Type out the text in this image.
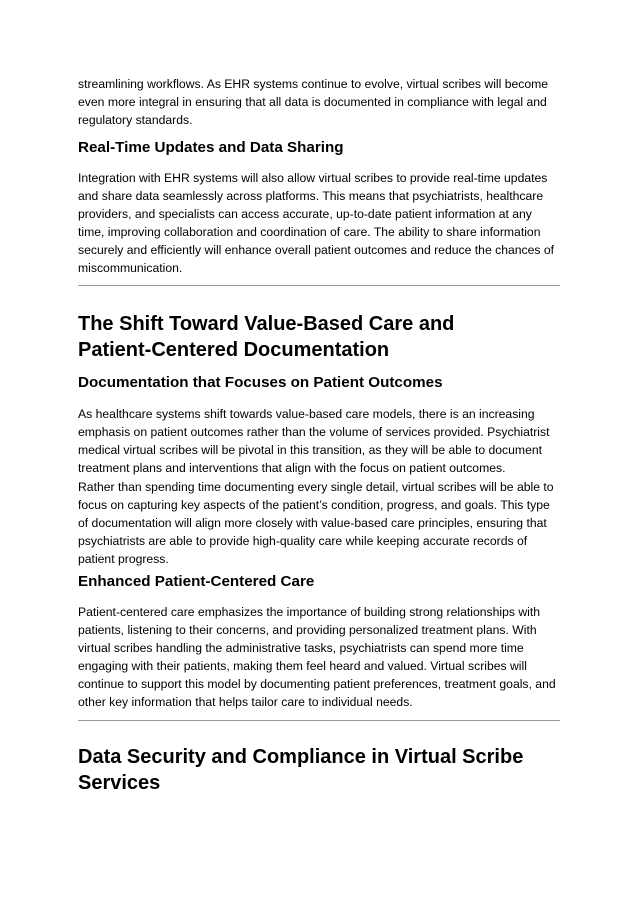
streamlining workflows. As EHR systems continue to evolve, virtual scribes will become even more integral in ensuring that all data is documented in compliance with legal and regulatory standards.

Real-Time Updates and Data Sharing

Integration with EHR systems will also allow virtual scribes to provide real-time updates and share data seamlessly across platforms. This means that psychiatrists, healthcare providers, and specialists can access accurate, up-to-date patient information at any time, improving collaboration and coordination of care. The ability to share information securely and efficiently will enhance overall patient outcomes and reduce the chances of miscommunication.

The Shift Toward Value-Based Care and
Patient-Centered Documentation
Documentation that Focuses on Patient Outcomes

As healthcare systems shift towards value-based care models, there is an increasing emphasis on patient outcomes rather than the volume of services provided. Psychiatrist medical virtual scribes will be pivotal in this transition, as they will be able to document treatment plans and interventions that align with the focus on patient outcomes.

Rather than spending time documenting every single detail, virtual scribes will be able to focus on capturing key aspects of the patient’s condition, progress, and goals. This type of documentation will align more closely with value-based care principles, ensuring that psychiatrists are able to provide high-quality care while keeping accurate records of patient progress.

Enhanced Patient-Centered Care

Patient-centered care emphasizes the importance of building strong relationships with patients, listening to their concerns, and providing personalized treatment plans. With virtual scribes handling the administrative tasks, psychiatrists can spend more time engaging with their patients, making them feel heard and valued. Virtual scribes will continue to support this model by documenting patient preferences, treatment goals, and other key information that helps tailor care to individual needs.

Data Security and Compliance in Virtual Scribe
Services
